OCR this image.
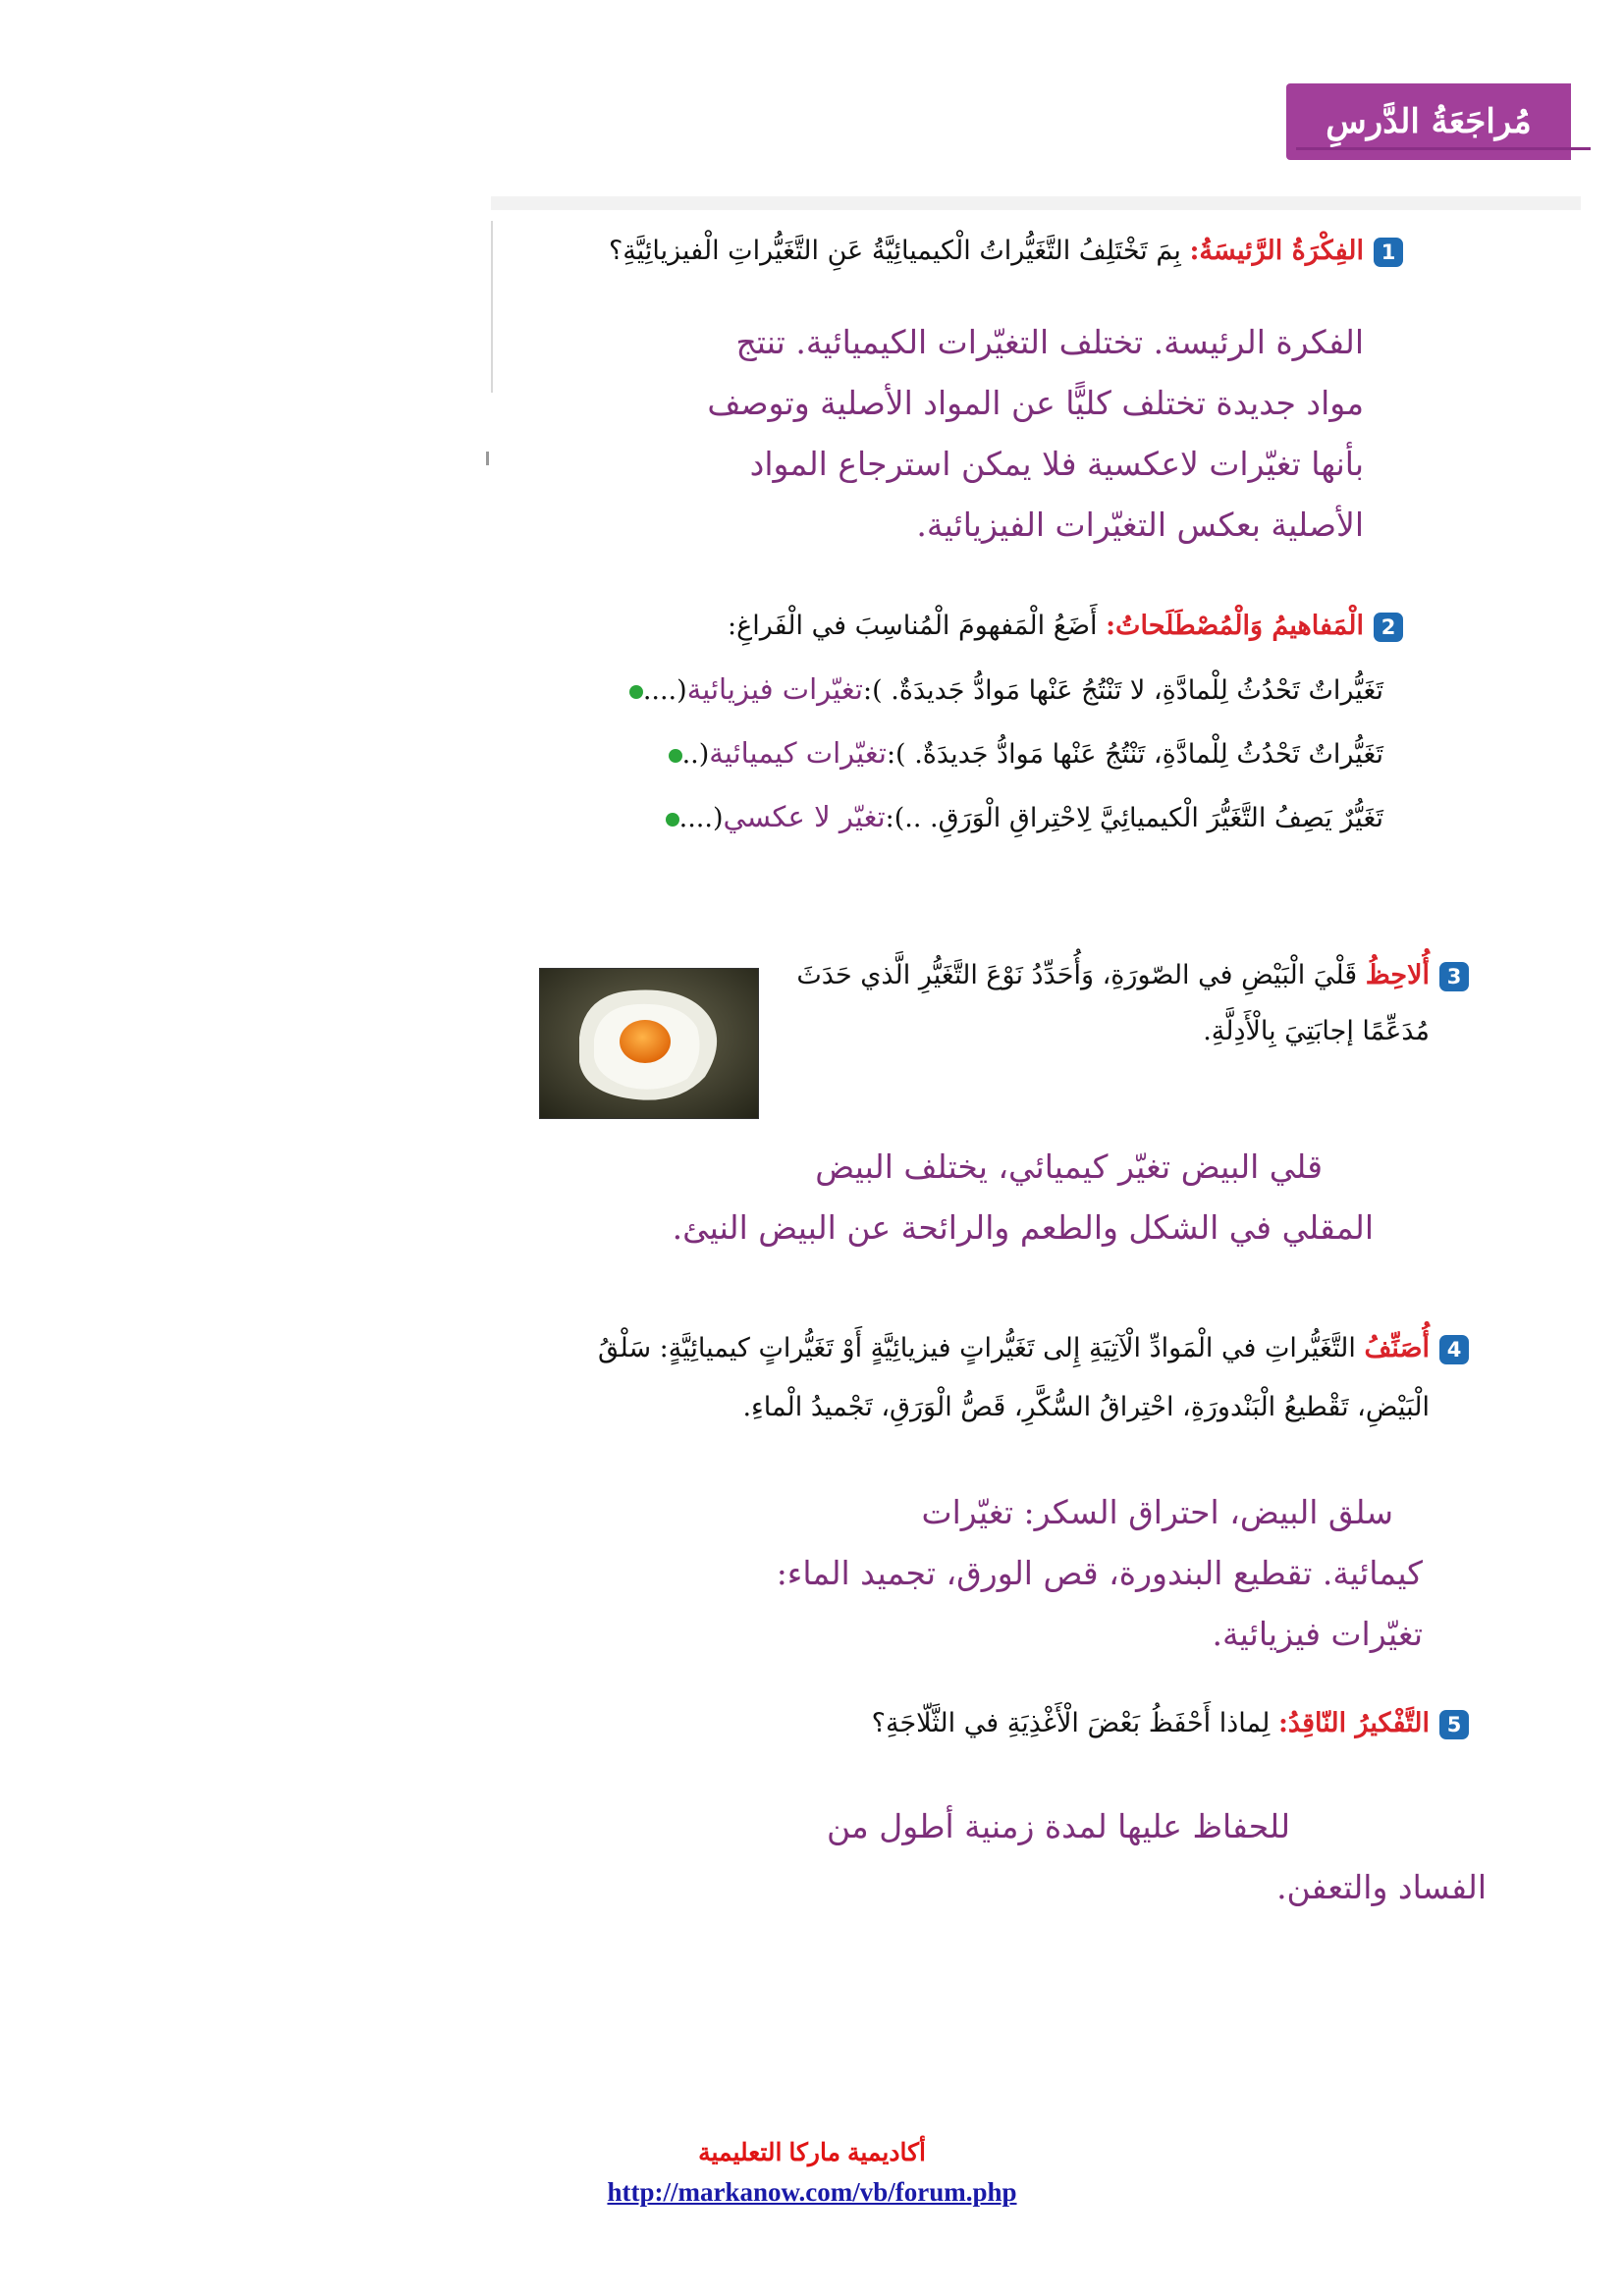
مُراجَعَةُ الدَّرسِ
1الفِكْرَةُ الرَّئيسَةُ: بِمَ تَخْتَلِفُ التَّغَيُّراتُ الْكيميائِيَّةُ عَنِ التَّغَيُّراتِ الْفيزيائِيَّةِ؟
الفكرة الرئيسة. تختلف التغيّرات الكيميائية. تنتج
مواد جديدة تختلف كليًّا عن المواد الأصلية وتوصف
بأنها تغيّرات لاعكسية فلا يمكن استرجاع المواد
الأصلية بعكس التغيّرات الفيزيائية.
2الْمَفاهيمُ وَالْمُصْطَلَحاتُ: أَضَعُ الْمَفهومَ الْمُناسِبَ في الْفَراغِ:
تَغَيُّراتٌ تَحْدُثُ لِلْمادَّةِ، لا تَنْتُجُ عَنْها مَوادُّ جَديدَةٌ. ):تغيّرات فيزيائية(....
تَغَيُّراتٌ تَحْدُثُ لِلْمادَّةِ، تَنْتُجُ عَنْها مَوادُّ جَديدَةٌ. ):تغيّرات كيميائية(..
تَغَيُّرٌ يَصِفُ التَّغَيُّرَ الْكيميائِيَّ لِاحْتِراقِ الْوَرَقِ. ..):تغيّر لا عكسي(....
3أُلاحِظُ قَلْيَ الْبَيْضِ في الصّورَةِ، وَأُحَدِّدُ نَوْعَ التَّغَيُّرِ الَّذي حَدَثَ
مُدَعِّمًا إجابَتِيَ بِالْأَدِلَّةِ.
قلي البيض تغيّر كيميائي، يختلف البيض
المقلي في الشكل والطعم والرائحة عن البيض النيئ.
4أُصَنِّفُ التَّغَيُّراتِ في الْمَوادِّ الْآتِيَةِ إِلى تَغَيُّراتٍ فيزيائِيَّةٍ أَوْ تَغَيُّراتٍ كيميائِيَّةٍ: سَلْقُ
الْبَيْضِ، تَقْطيعُ الْبَنْدورَةِ، احْتِراقُ السُّكَّرِ، قَصُّ الْوَرَقِ، تَجْميدُ الْماءِ.
سلق البيض، احتراق السكر: تغيّرات
كيمائية. تقطيع البندورة، قص الورق، تجميد الماء:
تغيّرات فيزيائية.
5التَّفْكيرُ النّاقِدُ: لِماذا أَحْفَظُ بَعْضَ الْأَغْذِيَةِ في الثَّلّاجَةِ؟
للحفاظ عليها لمدة زمنية أطول من
الفساد والتعفن.
أكاديمية ماركا التعليمية
http://markanow.com/vb/forum.php
